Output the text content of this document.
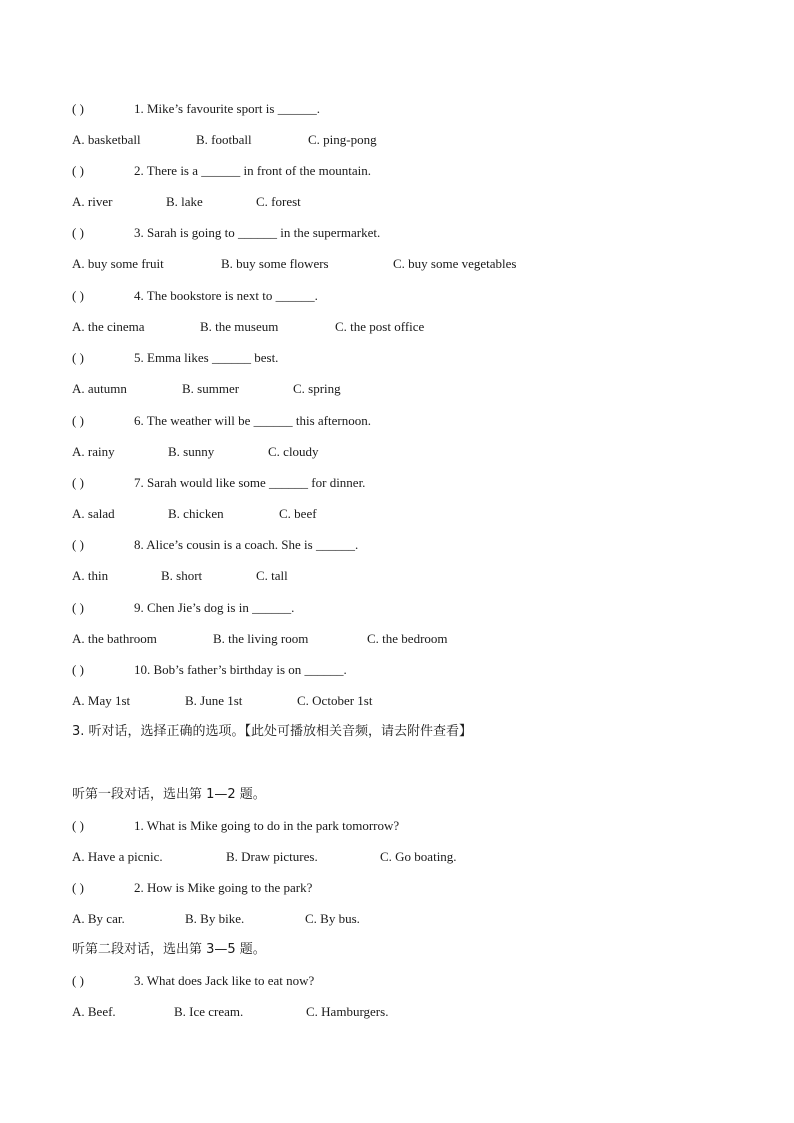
( )	1. Mike’s favourite sport is ______.
A. basketball	B. football	C. ping-pong
( )	2. There is a ______ in front of the mountain.
A. river	B. lake	C. forest
( )	3. Sarah is going to ______ in the supermarket.
A. buy some fruit	B. buy some flowers	C. buy some vegetables
( )	4. The bookstore is next to ______.
A. the cinema	B. the museum	C. the post office
( )	5. Emma likes ______ best.
A. autumn	B. summer	C. spring
( )	6. The weather will be ______ this afternoon.
A. rainy	B. sunny	C. cloudy
( )	7. Sarah would like some ______ for dinner.
A. salad	B. chicken	C. beef
( )	8. Alice’s cousin is a coach. She is ______.
A. thin	B. short	C. tall
( )	9. Chen Jie’s dog is in ______.
A. the bathroom	B. the living room	C. the bedroom
( )	10. Bob’s father’s birthday is on ______.
A. May 1st	B. June 1st	C. October 1st
3. 听对话，选择正确的选项。【此处可播放相关音频，请去附件查看】
听第一段对话，选出第 1—2 题。
( )	1. What is Mike going to do in the park tomorrow?
A. Have a picnic.	B. Draw pictures.	C. Go boating.
( )	2. How is Mike going to the park?
A. By car.	B. By bike.	C. By bus.
听第二段对话，选出第 3—5 题。
( )	3. What does Jack like to eat now?
A. Beef.	B. Ice cream.	C. Hamburgers.
